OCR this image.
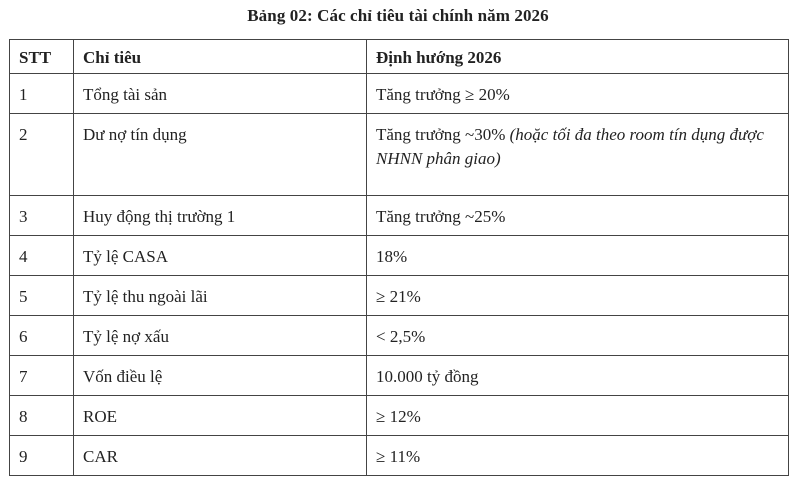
Bảng 02: Các chỉ tiêu tài chính năm 2026
STT	Chỉ tiêu	Định hướng 2026
1	Tổng tài sản	Tăng trưởng ≥ 20%
2	Dư nợ tín dụng	Tăng trưởng ~30% (hoặc tối đa theo room tín dụng được NHNN phân giao)
3	Huy động thị trường 1	Tăng trưởng ~25%
4	Tỷ lệ CASA	18%
5	Tỷ lệ thu ngoài lãi	≥ 21%
6	Tỷ lệ nợ xấu	< 2,5%
7	Vốn điều lệ	10.000 tỷ đồng
8	ROE	≥ 12%
9	CAR	≥ 11%
